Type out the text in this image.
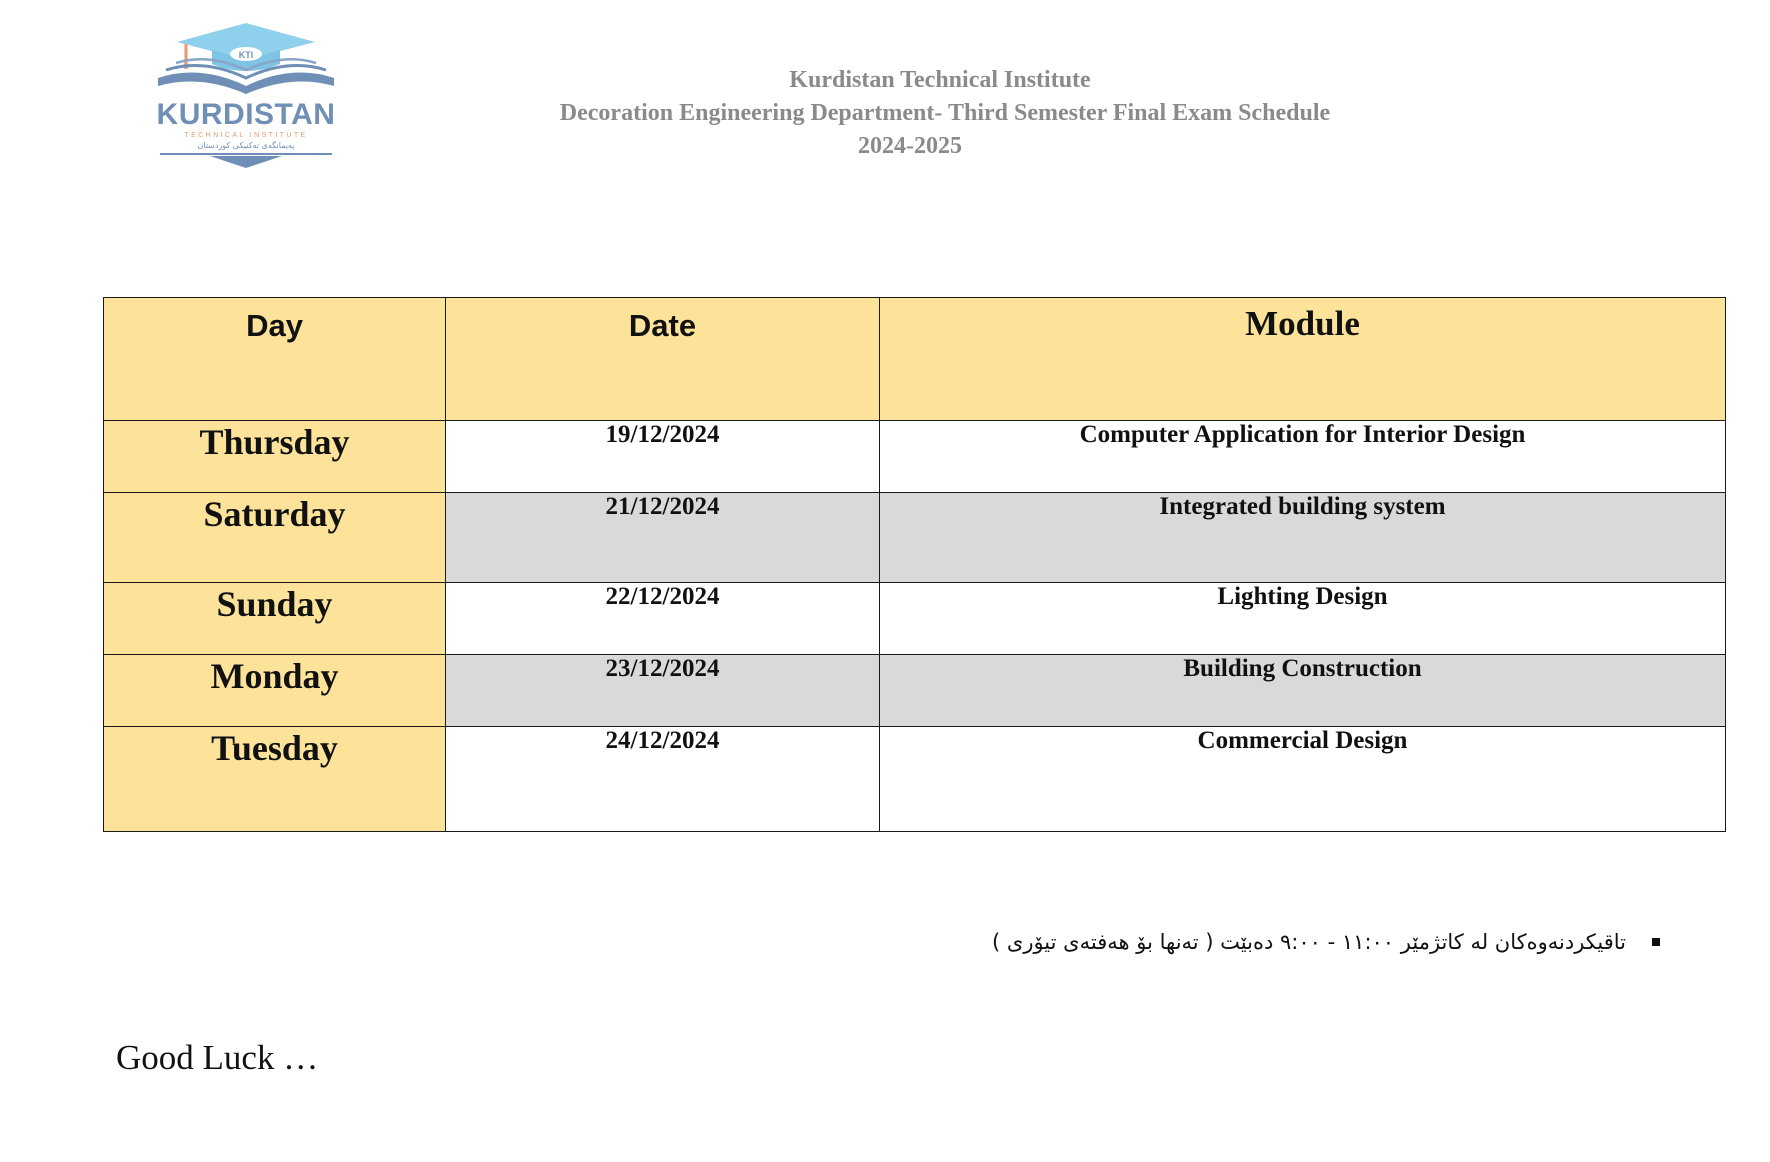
KTI
KURDISTAN
TECHNICAL INSTITUTE
پەیمانگەی تەکنیکی کوردستان
Kurdistan Technical Institute
Decoration Engineering Department- Third Semester Final Exam Schedule
2024-2025
Day	Date	Module
Thursday	19/12/2024	Computer Application for Interior Design
Saturday	21/12/2024	Integrated building system
Sunday	22/12/2024	Lighting Design
Monday	23/12/2024	Building Construction
Tuesday	24/12/2024	Commercial Design
تاقیکردنەوەکان لە کاتژمێر ١١:٠٠ - ٩:٠٠ دەبێت ( تەنها بۆ هەفتەی تیۆری )
Good Luck …
